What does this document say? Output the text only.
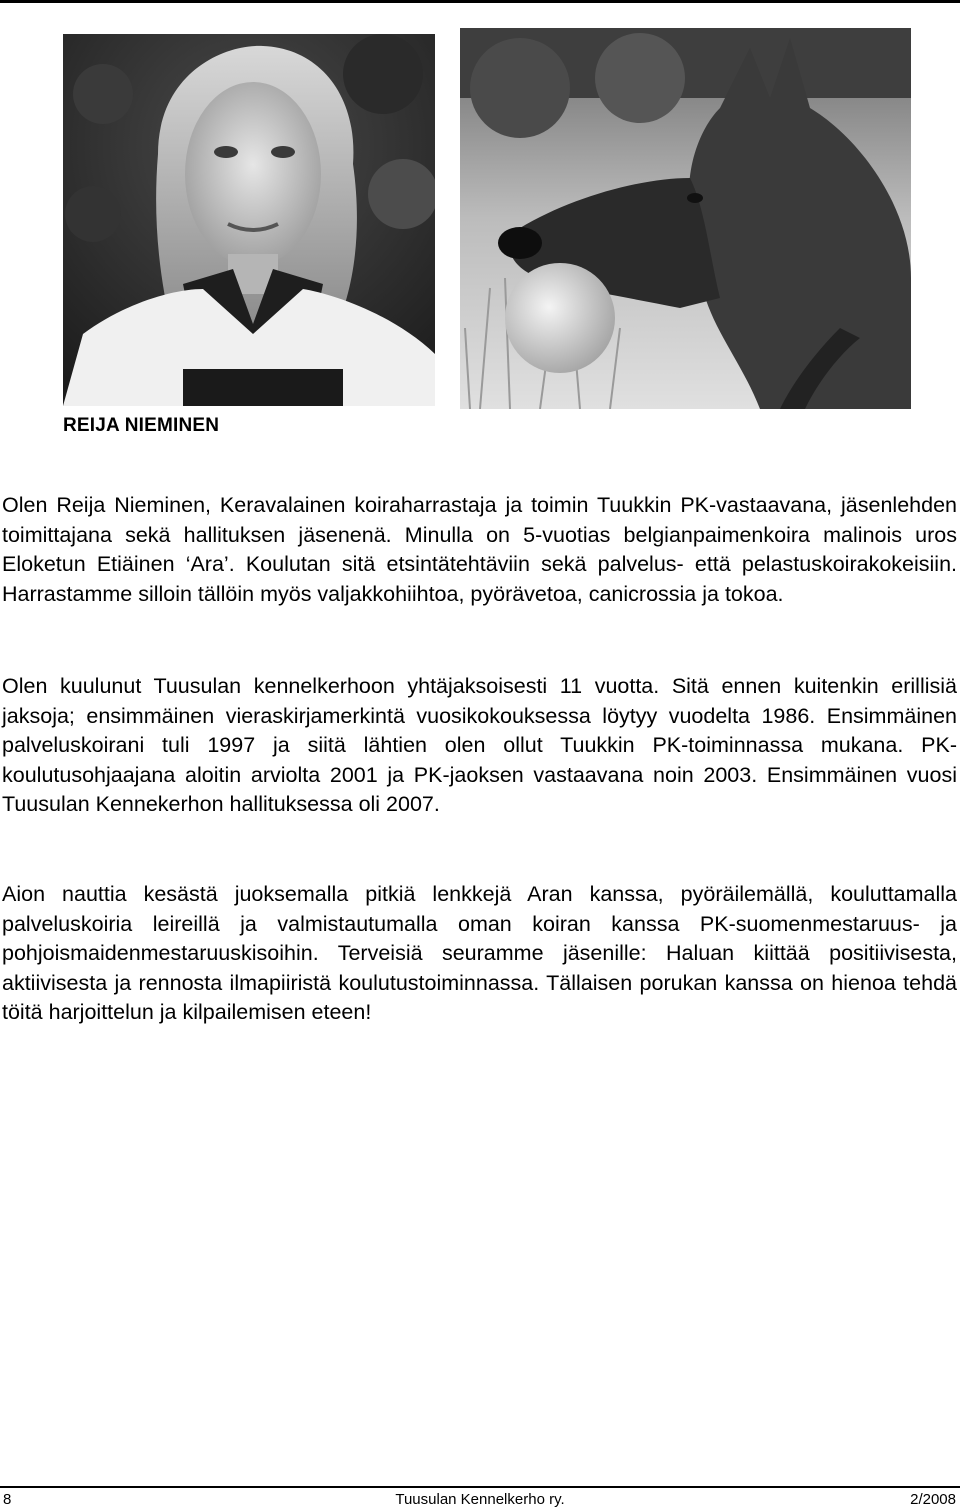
REIJA NIEMINEN

Olen Reija Nieminen, Keravalainen koiraharrastaja ja toimin Tuukkin PK-vastaavana, jäsenlehden toimittajana sekä hallituksen jäsenenä. Minulla on 5-vuotias belgianpaimenkoira malinois uros Eloketun Etiäinen ‘Ara’. Koulutan sitä etsintätehtäviin sekä palvelus- että pelastuskoirakokeisiin. Harrastamme silloin tällöin myös valjakkohiihtoa, pyörävetoa, canicrossia ja tokoa.

Olen kuulunut Tuusulan kennelkerhoon yhtäjaksoisesti 11 vuotta. Sitä ennen kuitenkin erillisiä jaksoja; ensimmäinen vieraskirjamerkintä vuosikokouksessa löytyy vuodelta 1986. Ensimmäinen palveluskoirani tuli 1997 ja siitä lähtien olen ollut Tuukkin PK-toiminnassa mukana. PK-koulutusohjaajana aloitin arviolta 2001 ja PK-jaoksen vastaavana noin 2003. Ensimmäinen vuosi Tuusulan Kennekerhon hallituksessa oli 2007.

Aion nauttia kesästä juoksemalla pitkiä lenkkejä Aran kanssa, pyöräilemällä, kouluttamalla palveluskoiria leireillä ja valmistautumalla oman koiran kanssa PK-suomenmestaruus- ja pohjoismaidenmestaruuskisoihin. Terveisiä seuramme jäsenille: Haluan kiittää positiivisesta, aktiivisesta ja rennosta ilmapiiristä koulutustoiminnassa. Tällaisen porukan kanssa on hienoa tehdä töitä harjoittelun ja kilpailemisen eteen!

8	Tuusulan Kennelkerho ry.	2/2008
